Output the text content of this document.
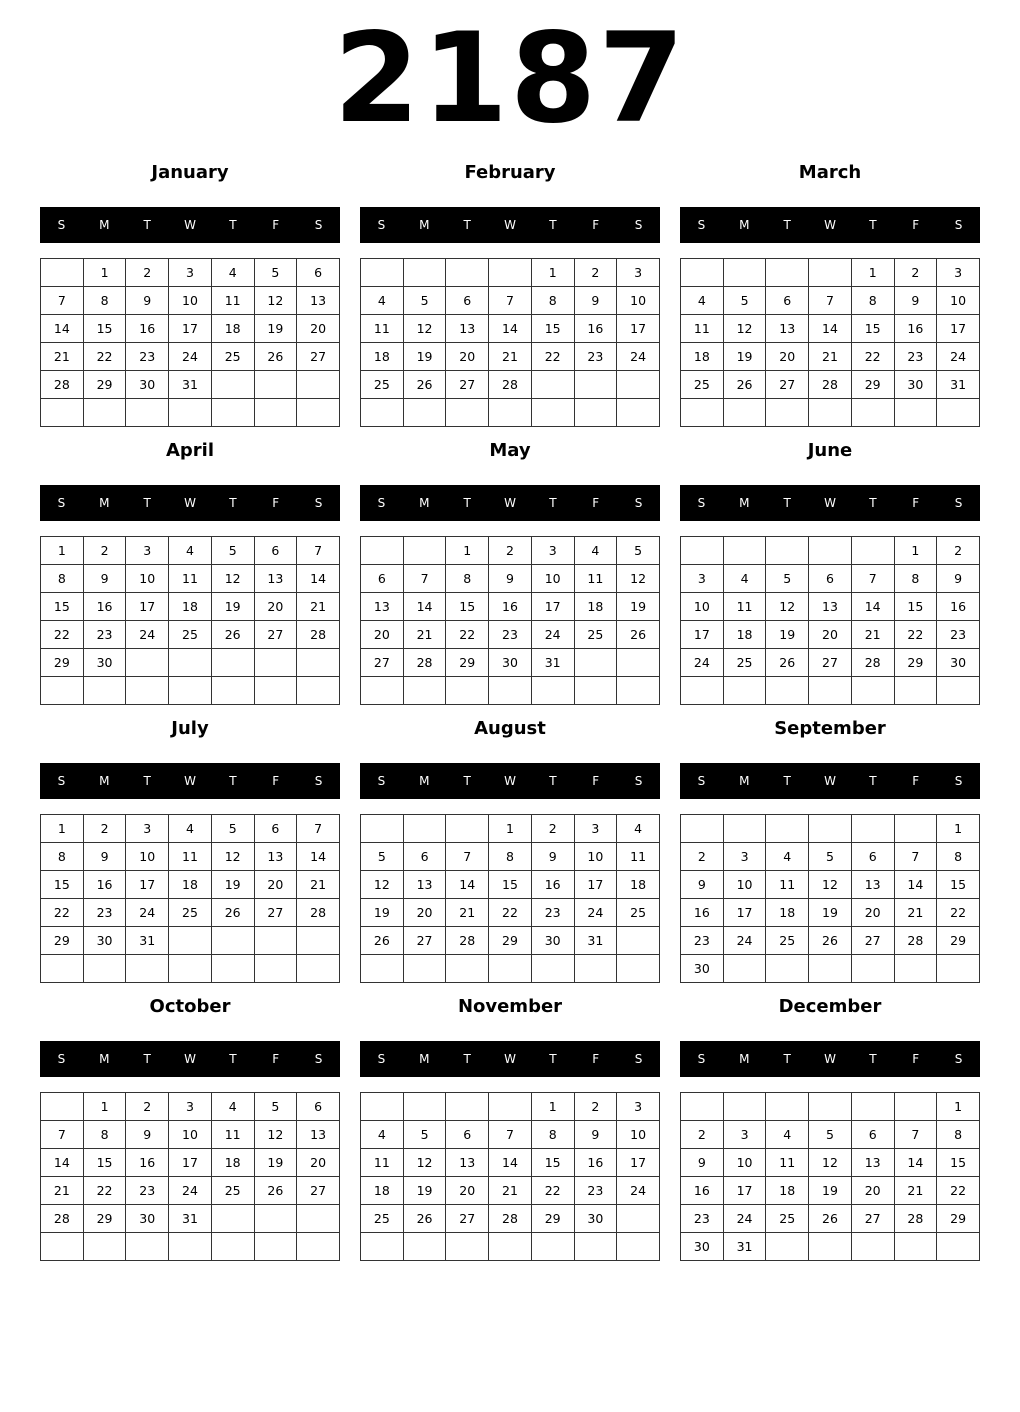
2187
January
S	M	T	W	T	F	S
	1	2	3	4	5	6
7	8	9	10	11	12	13
14	15	16	17	18	19	20
21	22	23	24	25	26	27
28	29	30	31			

February
S	M	T	W	T	F	S
				1	2	3
4	5	6	7	8	9	10
11	12	13	14	15	16	17
18	19	20	21	22	23	24
25	26	27	28			

March
S	M	T	W	T	F	S
				1	2	3
4	5	6	7	8	9	10
11	12	13	14	15	16	17
18	19	20	21	22	23	24
25	26	27	28	29	30	31

April
S	M	T	W	T	F	S
1	2	3	4	5	6	7
8	9	10	11	12	13	14
15	16	17	18	19	20	21
22	23	24	25	26	27	28
29	30					

May
S	M	T	W	T	F	S
		1	2	3	4	5
6	7	8	9	10	11	12
13	14	15	16	17	18	19
20	21	22	23	24	25	26
27	28	29	30	31		

June
S	M	T	W	T	F	S
					1	2
3	4	5	6	7	8	9
10	11	12	13	14	15	16
17	18	19	20	21	22	23
24	25	26	27	28	29	30

July
S	M	T	W	T	F	S
1	2	3	4	5	6	7
8	9	10	11	12	13	14
15	16	17	18	19	20	21
22	23	24	25	26	27	28
29	30	31				

August
S	M	T	W	T	F	S
			1	2	3	4
5	6	7	8	9	10	11
12	13	14	15	16	17	18
19	20	21	22	23	24	25
26	27	28	29	30	31	

September
S	M	T	W	T	F	S
						1
2	3	4	5	6	7	8
9	10	11	12	13	14	15
16	17	18	19	20	21	22
23	24	25	26	27	28	29
30						
October
S	M	T	W	T	F	S
	1	2	3	4	5	6
7	8	9	10	11	12	13
14	15	16	17	18	19	20
21	22	23	24	25	26	27
28	29	30	31			

November
S	M	T	W	T	F	S
				1	2	3
4	5	6	7	8	9	10
11	12	13	14	15	16	17
18	19	20	21	22	23	24
25	26	27	28	29	30	

December
S	M	T	W	T	F	S
						1
2	3	4	5	6	7	8
9	10	11	12	13	14	15
16	17	18	19	20	21	22
23	24	25	26	27	28	29
30	31					
